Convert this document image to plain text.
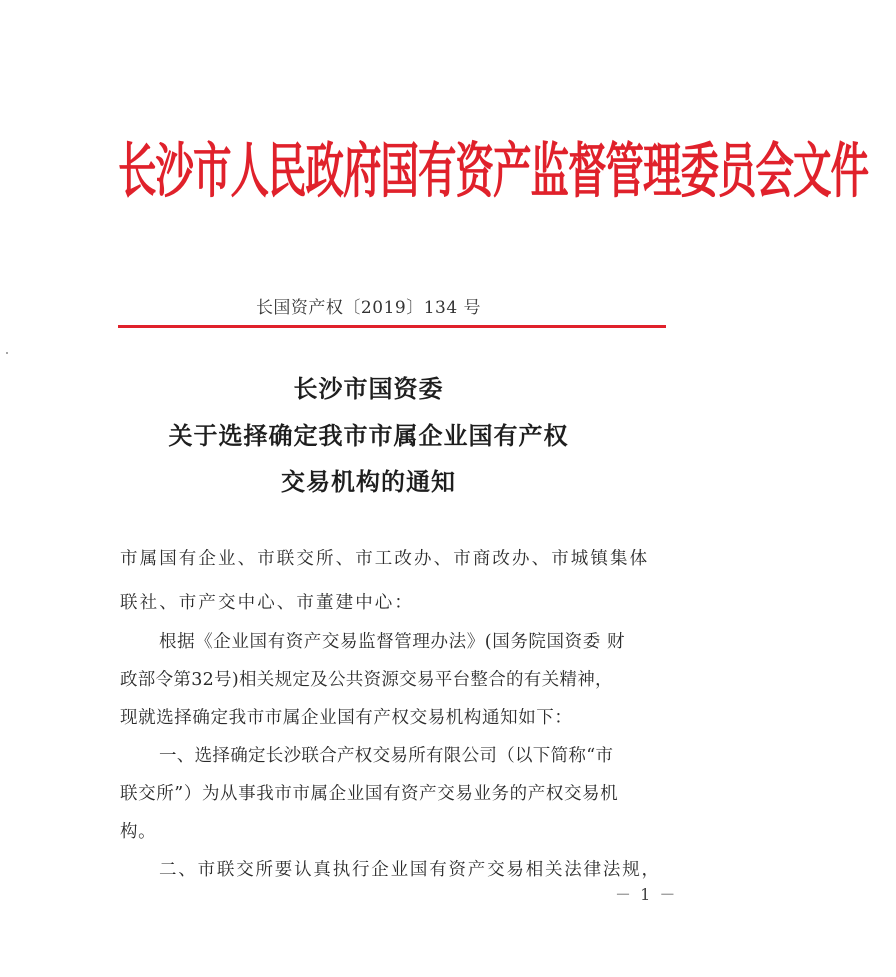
长沙市人民政府国有资产监督管理委员会文件
长国资产权〔2019〕134 号
长沙市国资委
关于选择确定我市市属企业国有产权
交易机构的通知
市属国有企业、市联交所、市工改办、市商改办、市城镇集体
联社、市产交中心、市董建中心：
根据《企业国有资产交易监督管理办法》(国务院国资委 财
政部令第32号)相关规定及公共资源交易平台整合的有关精神，
现就选择确定我市市属企业国有产权交易机构通知如下：
一、选择确定长沙联合产权交易所有限公司（以下简称“市
联交所”）为从事我市市属企业国有资产交易业务的产权交易机
构。
二、市联交所要认真执行企业国有资产交易相关法律法规，
－ 1 －
